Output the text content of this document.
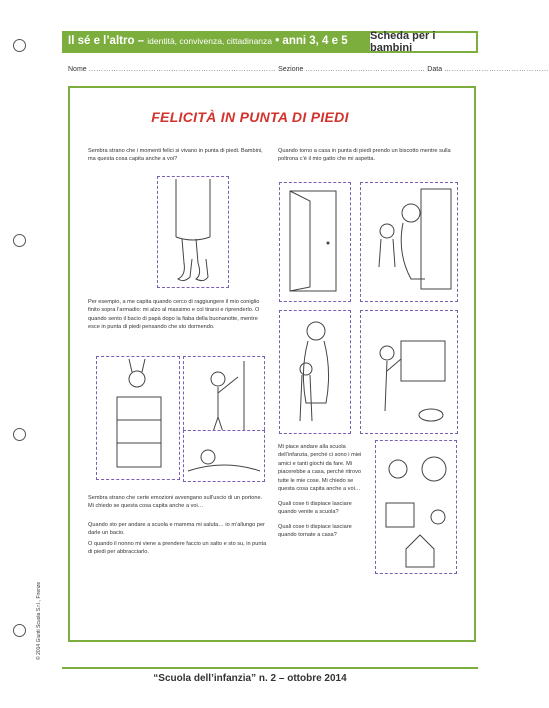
Il sé e l’altro – identità, convivenza, cittadinanza • anni 3, 4 e 5 Scheda per i bambini
Nome ………………………………………………………………… Sezione ………………………………………… Data ……………………………………
FELICITÀ IN PUNTA DI PIEDI
Sembra strano che i momenti felici si vivano in punta di piedi. Bambini, ma questa cosa capita anche a voi?
Per esempio, a me capita quando cerco di raggiungere il mio coniglio finito sopra l’armadio: mi alzo al massimo e col tirarsi e riprenderlo. O quando sento il bacio di papà dopo la fiaba della buonanotte, mentre esce in punta di piedi pensando che sto dormendo.
Sembra strano che certe emozioni avvengano sull’uscio di un portone. Mi chiedo se questa cosa capita anche a voi…
Quando sto per andare a scuola e mamma mi saluta… io m’allungo per darle un bacio.
O quando il nonno mi viene a prendere faccio un salto e sto su, in punta di piedi per abbracciarlo.
Quando torno a casa in punta di piedi prendo un biscotto mentre sulla poltrona c’è il mio gatto che mi aspetta.
Mi piace andare alla scuola dell’infanzia, perché ci sono i miei amici e tanti giochi da fare. Mi piacerebbe a casa, perché ritrovo tutte le mie cose. Mi chiedo se questa cosa capita anche a voi…
Quali cose ti dispiace lasciare quando venite a scuola?
Quali cose ti dispiace lasciare quando tornate a casa?
“Scuola dell’infanzia” n. 2 – ottobre 2014
© 2014 Giunti Scuola S.r.l., Firenze
